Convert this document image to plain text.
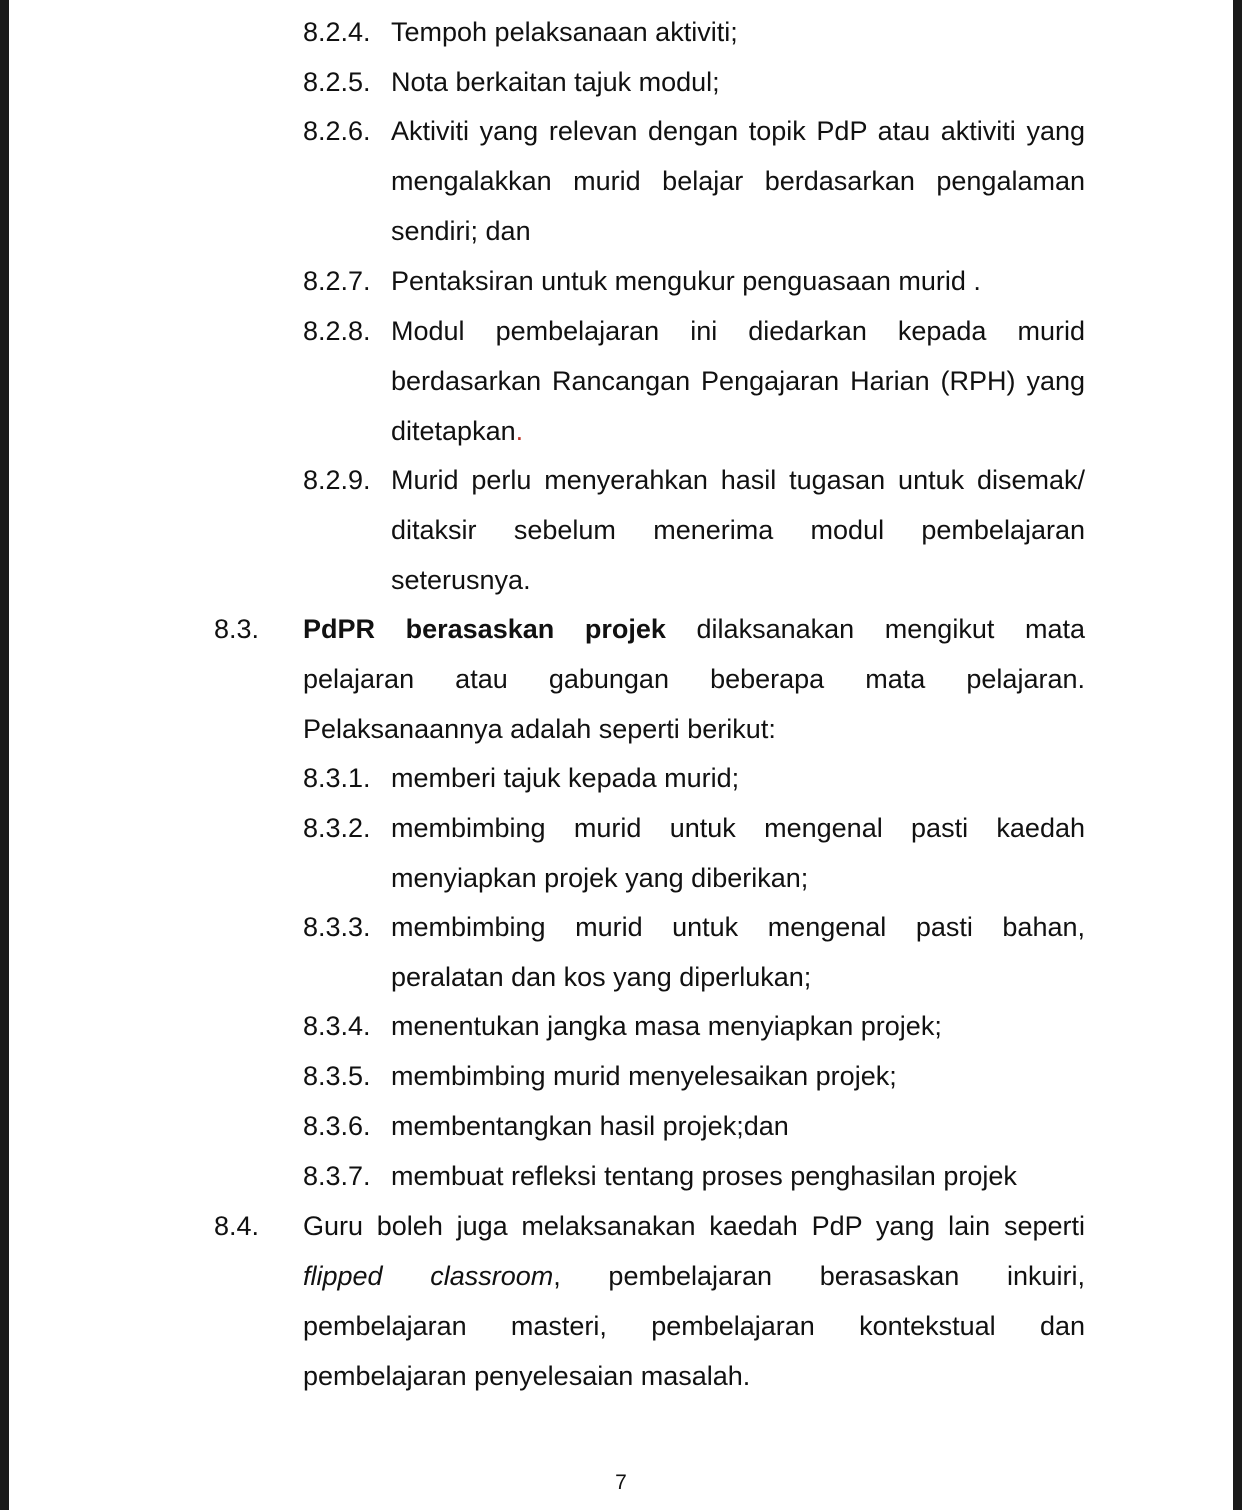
8.2.4. Tempoh pelaksanaan aktiviti;
8.2.5. Nota berkaitan tajuk modul;
8.2.6. Aktiviti yang relevan dengan topik PdP atau aktiviti yang mengalakkan murid belajar berdasarkan pengalaman sendiri; dan
8.2.7. Pentaksiran untuk mengukur penguasaan murid .
8.2.8. Modul pembelajaran ini diedarkan kepada murid berdasarkan Rancangan Pengajaran Harian (RPH) yang ditetapkan.
8.2.9. Murid perlu menyerahkan hasil tugasan untuk disemak/ ditaksir sebelum menerima modul pembelajaran seterusnya.
8.3.	PdPR berasaskan projek dilaksanakan mengikut mata pelajaran atau gabungan beberapa mata pelajaran. Pelaksanaannya adalah seperti berikut:
8.3.1. memberi tajuk kepada murid;
8.3.2. membimbing murid untuk mengenal pasti kaedah menyiapkan projek yang diberikan;
8.3.3. membimbing murid untuk mengenal pasti bahan, peralatan dan kos yang diperlukan;
8.3.4. menentukan jangka masa menyiapkan projek;
8.3.5. membimbing murid menyelesaikan projek;
8.3.6. membentangkan hasil projek;dan
8.3.7. membuat refleksi tentang proses penghasilan projek
8.4.	Guru boleh juga melaksanakan kaedah PdP yang lain seperti flipped classroom, pembelajaran berasaskan inkuiri, pembelajaran masteri, pembelajaran kontekstual dan pembelajaran penyelesaian masalah.
7
